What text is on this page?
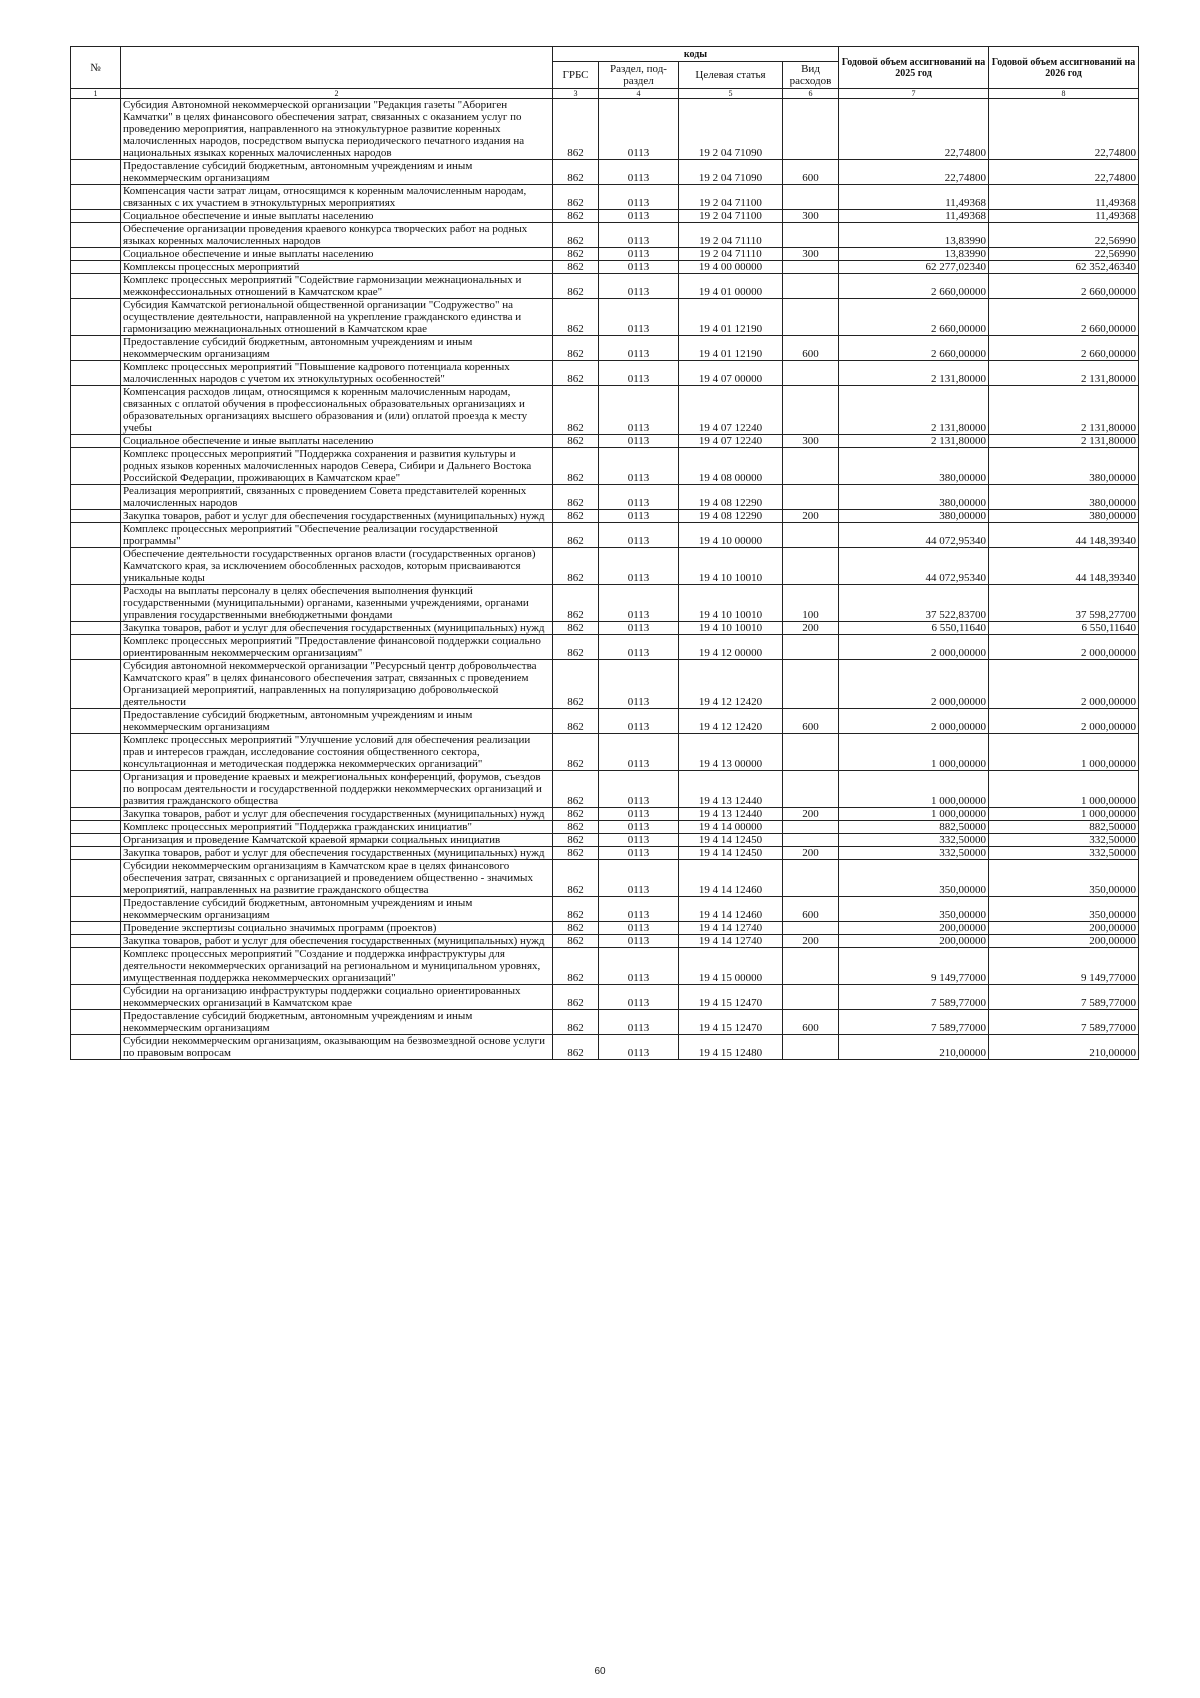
№		коды				Годовой объем ассигнований на 2025 год	Годовой объем ассигнований на 2026 год
		ГРБС	Раздел, под-раздел	Целевая статья	Вид расходов		
1	2	3	4	5	6	7	8
	Субсидия Автономной некоммерческой организации "Редакция газеты "Абориген Камчатки" в целях финансового обеспечения затрат, связанных с оказанием услуг по проведению мероприятия, направленного на этнокультурное развитие коренных малочисленных народов, посредством выпуска периодического печатного издания на национальных языках коренных малочисленных народов	862	0113	19 2 04 71090		22,74800	22,74800
	Предоставление субсидий бюджетным, автономным учреждениям и иным некоммерческим организациям	862	0113	19 2 04 71090	600	22,74800	22,74800
	Компенсация части затрат лицам, относящимся к коренным малочисленным народам, связанных с их участием в этнокультурных мероприятиях	862	0113	19 2 04 71100		11,49368	11,49368
	Социальное обеспечение и иные выплаты населению	862	0113	19 2 04 71100	300	11,49368	11,49368
	Обеспечение организации проведения краевого конкурса творческих работ на родных языках коренных малочисленных народов	862	0113	19 2 04 71110		13,83990	22,56990
	Социальное обеспечение и иные выплаты населению	862	0113	19 2 04 71110	300	13,83990	22,56990
	Комплексы процессных мероприятий	862	0113	19 4 00 00000		62 277,02340	62 352,46340
	Комплекс процессных мероприятий "Содействие гармонизации межнациональных и межконфессиональных отношений в Камчатском крае"	862	0113	19 4 01 00000		2 660,00000	2 660,00000
	Субсидия Камчатской региональной общественной организации "Содружество" на осуществление деятельности, направленной на укрепление гражданского единства и гармонизацию межнациональных отношений в Камчатском крае	862	0113	19 4 01 12190		2 660,00000	2 660,00000
	Предоставление субсидий бюджетным, автономным учреждениям и иным некоммерческим организациям	862	0113	19 4 01 12190	600	2 660,00000	2 660,00000
	Комплекс процессных мероприятий "Повышение кадрового потенциала коренных малочисленных народов с учетом их этнокультурных особенностей"	862	0113	19 4 07 00000		2 131,80000	2 131,80000
	Компенсация расходов лицам, относящимся к коренным малочисленным народам, связанных с оплатой обучения в профессиональных образовательных организациях и образовательных организациях высшего образования и (или) оплатой проезда к месту учебы	862	0113	19 4 07 12240		2 131,80000	2 131,80000
	Социальное обеспечение и иные выплаты населению	862	0113	19 4 07 12240	300	2 131,80000	2 131,80000
	Комплекс процессных мероприятий "Поддержка сохранения и развития культуры и родных языков коренных малочисленных народов Севера, Сибири и Дальнего Востока Российской Федерации, проживающих в Камчатском крае"	862	0113	19 4 08 00000		380,00000	380,00000
	Реализация мероприятий, связанных с проведением Совета представителей коренных малочисленных народов	862	0113	19 4 08 12290		380,00000	380,00000
	Закупка товаров, работ и услуг для обеспечения государственных (муниципальных) нужд	862	0113	19 4 08 12290	200	380,00000	380,00000
	Комплекс процессных мероприятий "Обеспечение реализации государственной программы"	862	0113	19 4 10 00000		44 072,95340	44 148,39340
	Обеспечение деятельности государственных органов власти (государственных органов) Камчатского края, за исключением обособленных расходов, которым присваиваются уникальные коды	862	0113	19 4 10 10010		44 072,95340	44 148,39340
	Расходы на выплаты персоналу в целях обеспечения выполнения функций государственными (муниципальными) органами, казенными учреждениями, органами управления государственными внебюджетными фондами	862	0113	19 4 10 10010	100	37 522,83700	37 598,27700
	Закупка товаров, работ и услуг для обеспечения государственных (муниципальных) нужд	862	0113	19 4 10 10010	200	6 550,11640	6 550,11640
	Комплекс процессных мероприятий "Предоставление финансовой поддержки социально ориентированным некоммерческим организациям"	862	0113	19 4 12 00000		2 000,00000	2 000,00000
	Субсидия автономной некоммерческой организации "Ресурсный центр добровольчества Камчатского края" в целях финансового обеспечения затрат, связанных с проведением Организацией мероприятий, направленных на популяризацию добровольческой деятельности	862	0113	19 4 12 12420		2 000,00000	2 000,00000
	Предоставление субсидий бюджетным, автономным учреждениям и иным некоммерческим организациям	862	0113	19 4 12 12420	600	2 000,00000	2 000,00000
	Комплекс процессных мероприятий "Улучшение условий для обеспечения реализации прав и интересов граждан, исследование состояния общественного сектора, консультационная и методическая поддержка некоммерческих организаций"	862	0113	19 4 13 00000		1 000,00000	1 000,00000
	Организация и проведение краевых и межрегиональных конференций, форумов, съездов по вопросам деятельности и государственной поддержки некоммерческих организаций и развития гражданского общества	862	0113	19 4 13 12440		1 000,00000	1 000,00000
	Закупка товаров, работ и услуг для обеспечения государственных (муниципальных) нужд	862	0113	19 4 13 12440	200	1 000,00000	1 000,00000
	Комплекс процессных мероприятий "Поддержка гражданских инициатив"	862	0113	19 4 14 00000		882,50000	882,50000
	Организация и проведение Камчатской краевой ярмарки социальных инициатив	862	0113	19 4 14 12450		332,50000	332,50000
	Закупка товаров, работ и услуг для обеспечения государственных (муниципальных) нужд	862	0113	19 4 14 12450	200	332,50000	332,50000
	Субсидии некоммерческим организациям в Камчатском крае в целях финансового обеспечения затрат, связанных с организацией и проведением общественно - значимых мероприятий, направленных на развитие гражданского общества	862	0113	19 4 14 12460		350,00000	350,00000
	Предоставление субсидий бюджетным, автономным учреждениям и иным некоммерческим организациям	862	0113	19 4 14 12460	600	350,00000	350,00000
	Проведение экспертизы социально значимых программ (проектов)	862	0113	19 4 14 12740		200,00000	200,00000
	Закупка товаров, работ и услуг для обеспечения государственных (муниципальных) нужд	862	0113	19 4 14 12740	200	200,00000	200,00000
	Комплекс процессных мероприятий "Создание и поддержка инфраструктуры для деятельности некоммерческих организаций на региональном и муниципальном уровнях, имущественная поддержка некоммерческих организаций"	862	0113	19 4 15 00000		9 149,77000	9 149,77000
	Субсидии на организацию инфраструктуры поддержки социально ориентированных некоммерческих организаций в Камчатском крае	862	0113	19 4 15 12470		7 589,77000	7 589,77000
	Предоставление субсидий бюджетным, автономным учреждениям и иным некоммерческим организациям	862	0113	19 4 15 12470	600	7 589,77000	7 589,77000
	Субсидии некоммерческим организациям, оказывающим на безвозмездной основе услуги по правовым вопросам	862	0113	19 4 15 12480		210,00000	210,00000
60
